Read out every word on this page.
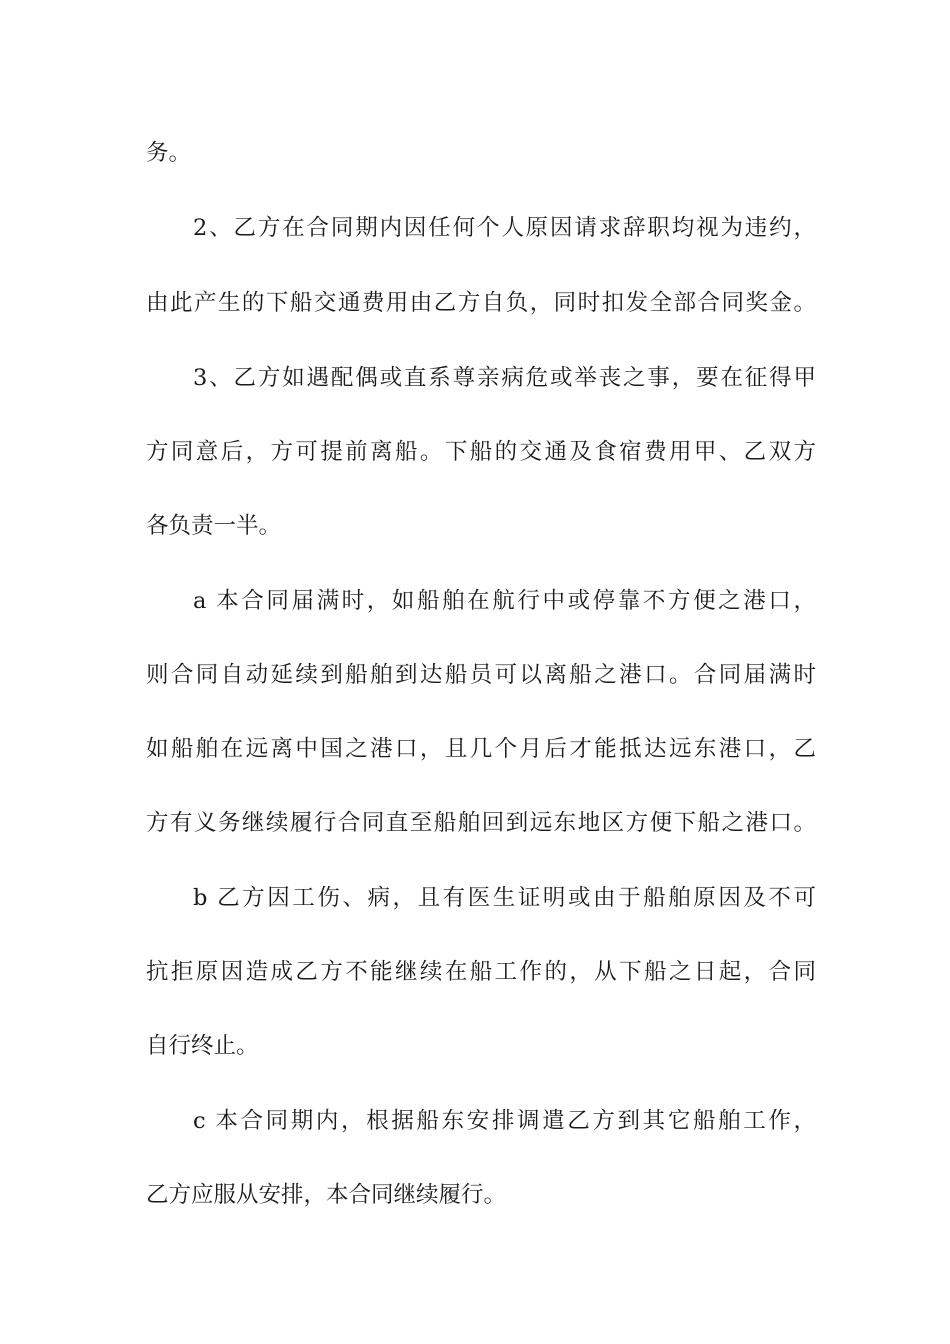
务。
2、乙方在合同期内因任何个人原因请求辞职均视为违约，
由此产生的下船交通费用由乙方自负，同时扣发全部合同奖金。
3、乙方如遇配偶或直系尊亲病危或举丧之事，要在征得甲
方同意后，方可提前离船。下船的交通及食宿费用甲、乙双方
各负责一半。
a 本合同届满时，如船舶在航行中或停靠不方便之港口，
则合同自动延续到船舶到达船员可以离船之港口。合同届满时
如船舶在远离中国之港口，且几个月后才能抵达远东港口，乙
方有义务继续履行合同直至船舶回到远东地区方便下船之港口。
b 乙方因工伤、病，且有医生证明或由于船舶原因及不可
抗拒原因造成乙方不能继续在船工作的，从下船之日起，合同
自行终止。
c 本合同期内，根据船东安排调遣乙方到其它船舶工作，
乙方应服从安排，本合同继续履行。
